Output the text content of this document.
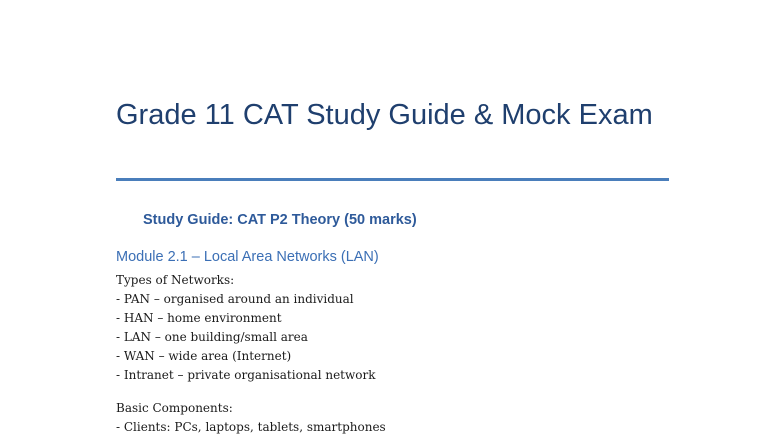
Grade 11 CAT Study Guide & Mock Exam
Study Guide: CAT P2 Theory (50 marks)
Module 2.1 – Local Area Networks (LAN)

Types of Networks:

- PAN – organised around an individual

- HAN – home environment

- LAN – one building/small area

- WAN – wide area (Internet)

- Intranet – private organisational network

Basic Components:

- Clients: PCs, laptops, tablets, smartphones
